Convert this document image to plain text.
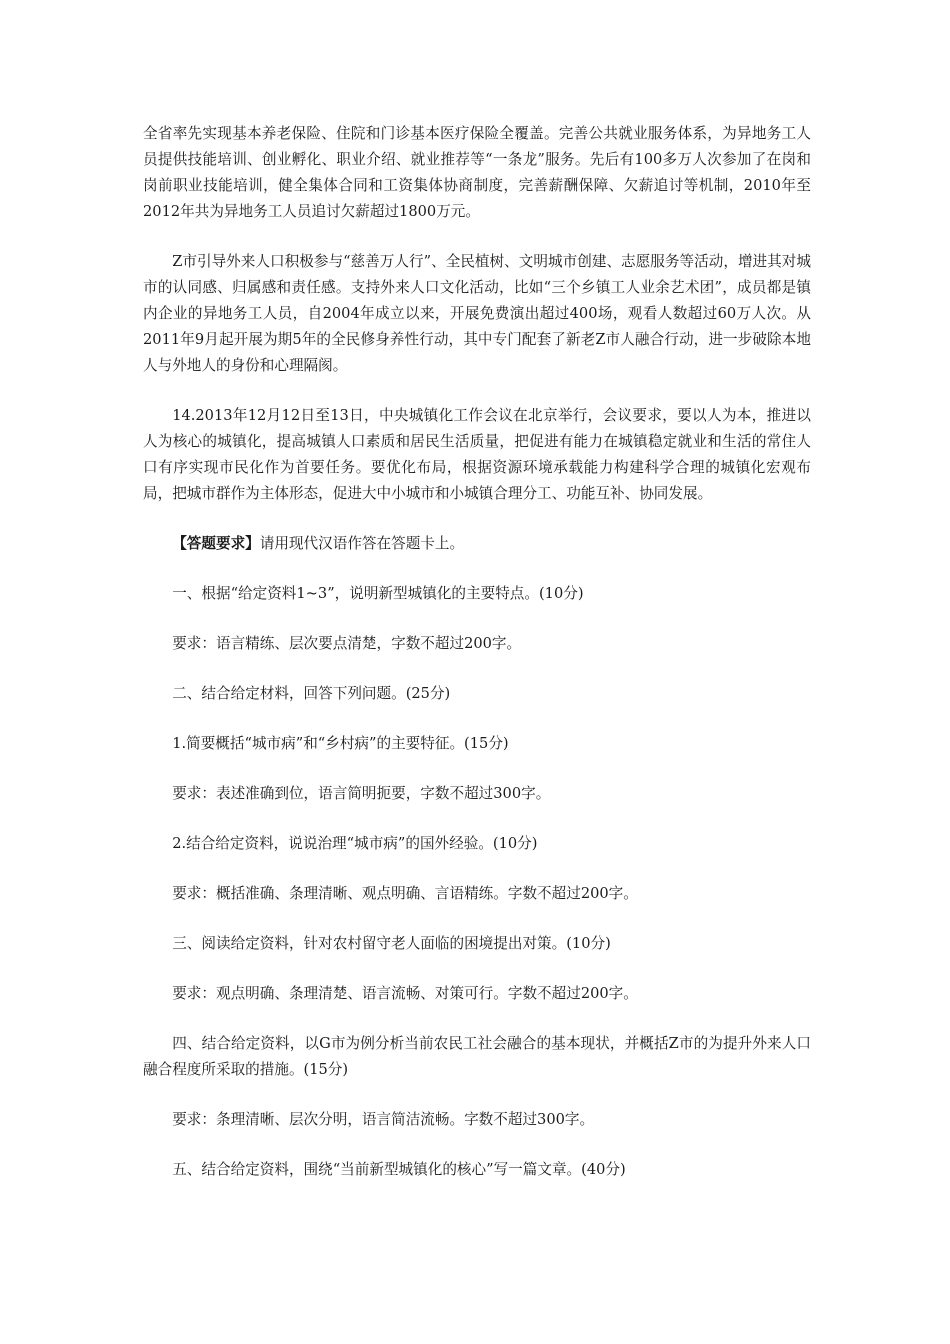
全省率先实现基本养老保险、住院和门诊基本医疗保险全覆盖。完善公共就业服务体系，为异地务工人员提供技能培训、创业孵化、职业介绍、就业推荐等“一条龙”服务。先后有100多万人次参加了在岗和岗前职业技能培训，健全集体合同和工资集体协商制度，完善薪酬保障、欠薪追讨等机制，2010年至2012年共为异地务工人员追讨欠薪超过1800万元。

Z市引导外来人口积极参与“慈善万人行”、全民植树、文明城市创建、志愿服务等活动，增进其对城市的认同感、归属感和责任感。支持外来人口文化活动，比如“三个乡镇工人业余艺术团”，成员都是镇内企业的异地务工人员，自2004年成立以来，开展免费演出超过400场，观看人数超过60万人次。从2011年9月起开展为期5年的全民修身养性行动，其中专门配套了新老Z市人融合行动，进一步破除本地人与外地人的身份和心理隔阂。

14.2013年12月12日至13日，中央城镇化工作会议在北京举行，会议要求，要以人为本，推进以人为核心的城镇化，提高城镇人口素质和居民生活质量，把促进有能力在城镇稳定就业和生活的常住人口有序实现市民化作为首要任务。要优化布局，根据资源环境承载能力构建科学合理的城镇化宏观布局，把城市群作为主体形态，促进大中小城市和小城镇合理分工、功能互补、协同发展。

【答题要求】请用现代汉语作答在答题卡上。

一、根据“给定资料1~3”，说明新型城镇化的主要特点。(10分)

要求：语言精练、层次要点清楚，字数不超过200字。

二、结合给定材料，回答下列问题。(25分)

1.简要概括“城市病”和“乡村病”的主要特征。(15分)

要求：表述准确到位，语言简明扼要，字数不超过300字。

2.结合给定资料，说说治理“城市病”的国外经验。(10分)

要求：概括准确、条理清晰、观点明确、言语精练。字数不超过200字。

三、阅读给定资料，针对农村留守老人面临的困境提出对策。(10分)

要求：观点明确、条理清楚、语言流畅、对策可行。字数不超过200字。

四、结合给定资料，以G市为例分析当前农民工社会融合的基本现状，并概括Z市的为提升外来人口融合程度所采取的措施。(15分)

要求：条理清晰、层次分明，语言简洁流畅。字数不超过300字。

五、结合给定资料，围绕“当前新型城镇化的核心”写一篇文章。(40分)
